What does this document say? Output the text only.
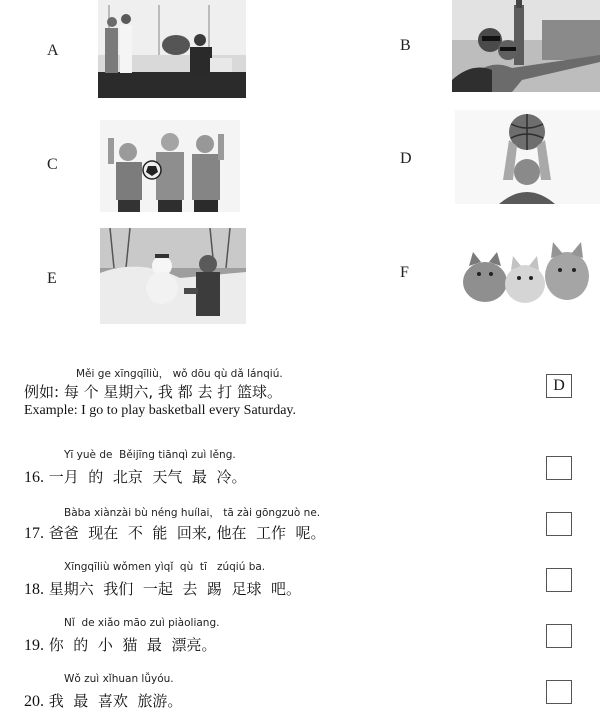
A	B
C	D
E	F
Měi ge xīngqīliù， wǒ dōu qù dǎ lánqiú.
例如: 每 个 星期六, 我 都 去 打 篮球。
Example: I go to play basketball every Saturday.
D
Yī yuè de  Běijīng tiānqì zuì lěng.
16. 一月  的  北京  天气  最  冷。
Bàba xiànzài bù néng huílai， tā zài gōngzuò ne.
17. 爸爸  现在  不  能  回来, 他在  工作  呢。
Xīngqīliù wǒmen yìqǐ  qù  tī   zúqiú ba.
18. 星期六  我们  一起  去  踢  足球  吧。
Nǐ  de xiǎo māo zuì piàoliang.
19. 你  的  小  猫  最  漂亮。
Wǒ zuì xǐhuan lǚyóu.
20. 我  最  喜欢  旅游。
